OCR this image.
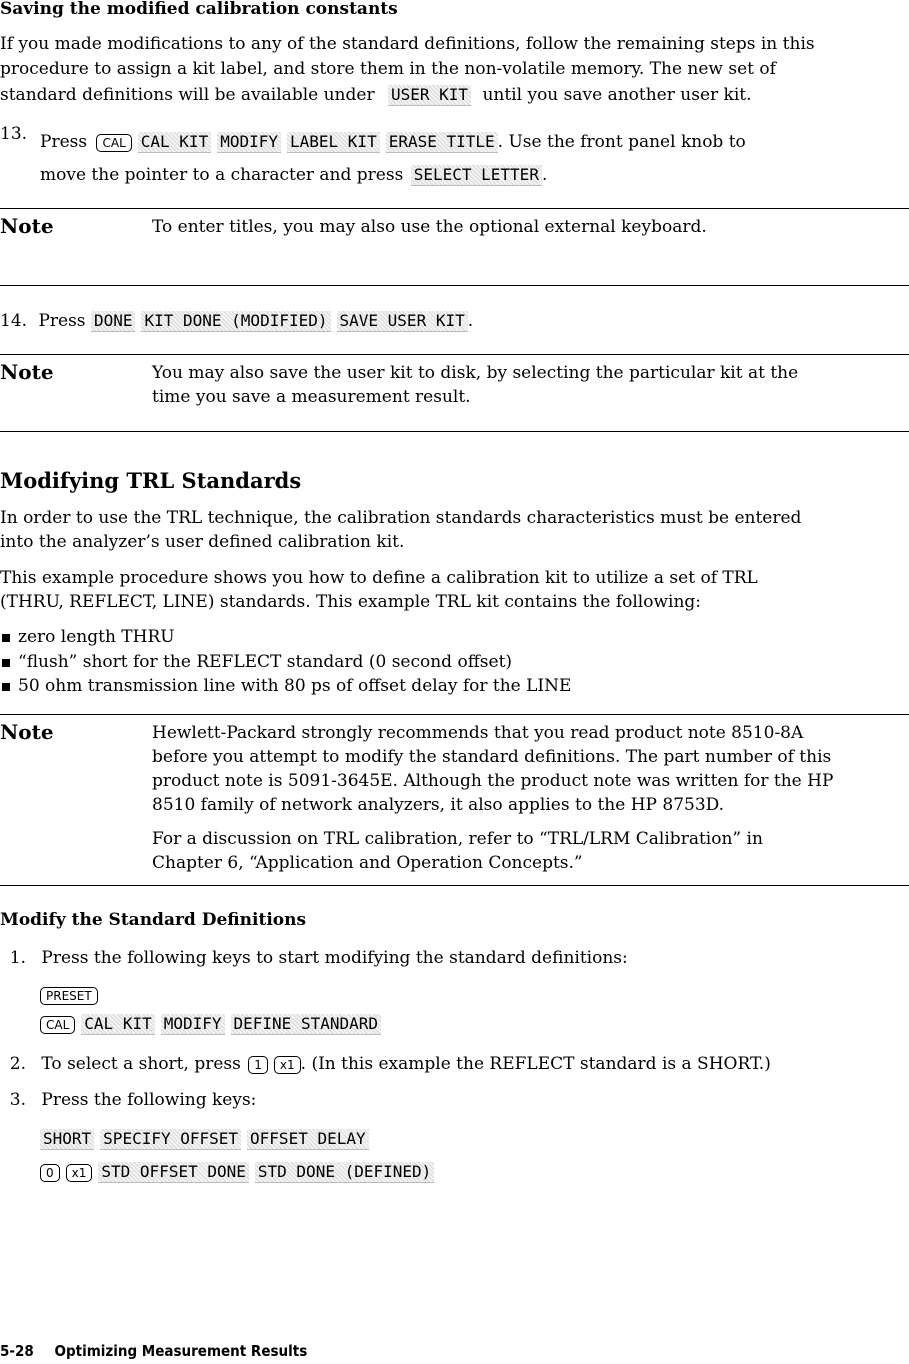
Saving the modified calibration constants
If you made modifications to any of the standard definitions, follow the remaining steps in this
procedure to assign a kit label, and store them in the non-volatile memory. The new set of
standard definitions will be available under USER KIT until you save another user kit.
13. Press CAL CAL KIT MODIFY LABEL KIT ERASE TITLE . Use the front panel knob to
move the pointer to a character and press SELECT LETTER .
Note	To enter titles, you may also use the optional external keyboard.
14. Press DONE KIT DONE (MODIFIED) SAVE USER KIT .
Note	You may also save the user kit to disk, by selecting the particular kit at the
time you save a measurement result.
Modifying TRL Standards
In order to use the TRL technique, the calibration standards characteristics must be entered
into the analyzer’s user defined calibration kit.
This example procedure shows you how to define a calibration kit to utilize a set of TRL
(THRU, REFLECT, LINE) standards. This example TRL kit contains the following:
zero length THRU
“flush” short for the REFLECT standard (0 second offset)
50 ohm transmission line with 80 ps of offset delay for the LINE
Note	Hewlett-Packard strongly recommends that you read product note 8510-8A
before you attempt to modify the standard definitions. The part number of this
product note is 5091-3645E. Although the product note was written for the HP
8510 family of network analyzers, it also applies to the HP 8753D.
For a discussion on TRL calibration, refer to “TRL/LRM Calibration” in
Chapter 6, “Application and Operation Concepts.”
Modify the Standard Definitions
1. Press the following keys to start modifying the standard definitions:
PRESET
CAL CAL KIT MODIFY DEFINE STANDARD
2. To select a short, press 1 x1 . (In this example the REFLECT standard is a SHORT.)
3. Press the following keys:
SHORT SPECIFY OFFSET OFFSET DELAY
0 x1 STD OFFSET DONE STD DONE (DEFINED)
5-28 Optimizing Measurement Results
